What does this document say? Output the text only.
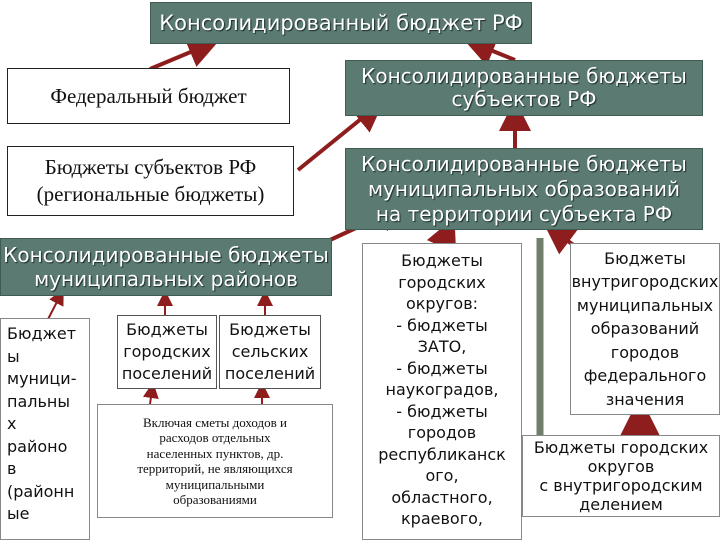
Консолидированный бюджет РФ
Федеральный бюджет
Консолидированные бюджеты
субъектов РФ
Бюджеты субъектов РФ
(региональные бюджеты)
Консолидированные бюджеты
муниципальных образований
на территории субъекта РФ
Консолидированные бюджеты
муниципальных районов
Бюджет
ы
муници-
пальны
х
районо
в
(районн
ые
Бюджеты
городских
поселений
Бюджеты
сельских
поселений
Включая сметы доходов и
расходов отдельных
населенных пунктов, др.
территорий, не являющихся
муниципальными
образованиями
Бюджеты
городских
округов:
- бюджеты
ЗАТО,
- бюджеты
наукоградов,
- бюджеты
городов
республиканск
ого,
областного,
краевого,
Бюджеты
внутригородских
муниципальных
образований
городов
федерального
значения
Бюджеты городских
округов
с внутригородским
делением
